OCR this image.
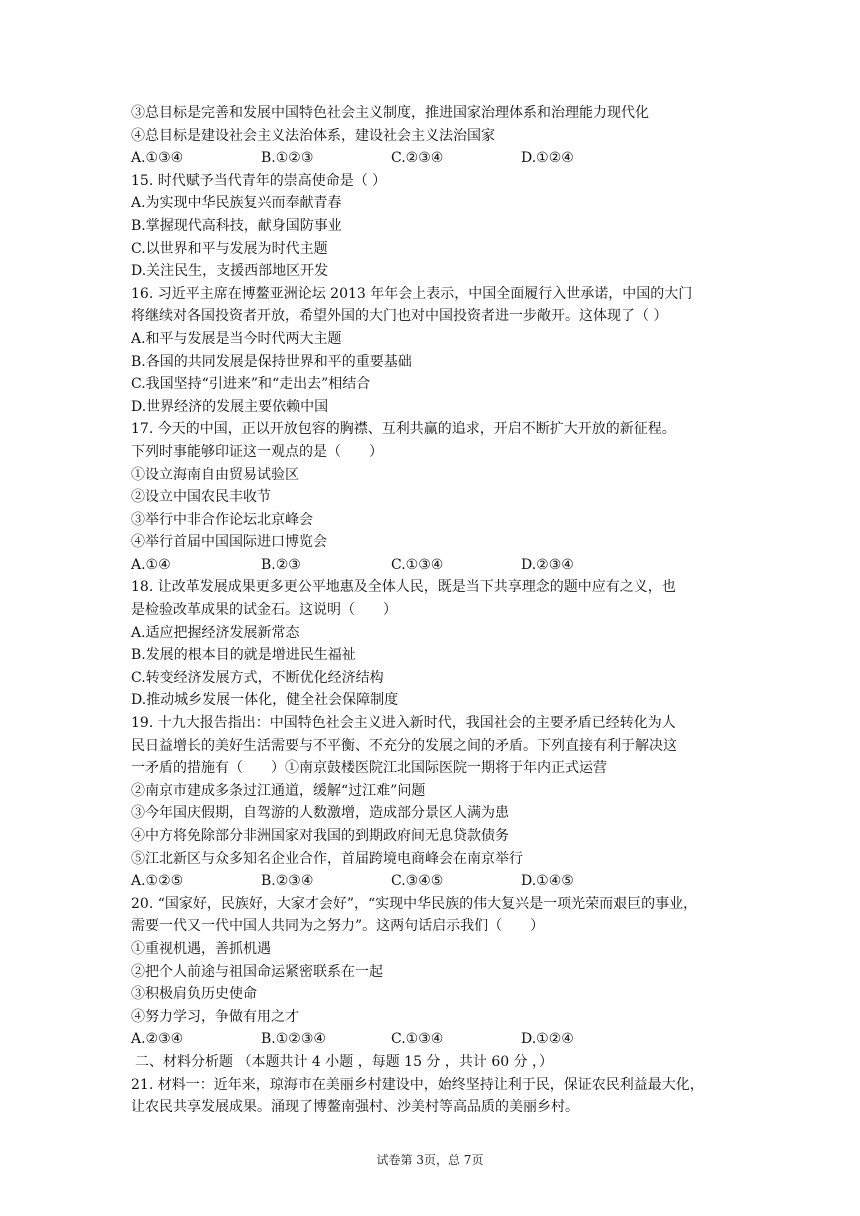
③总目标是完善和发展中国特色社会主义制度，推进国家治理体系和治理能力现代化
④总目标是建设社会主义法治体系，建设社会主义法治国家
A.①③④	B.①②③	C.②③④	D.①②④
15. 时代赋予当代青年的崇高使命是（ ）
A.为实现中华民族复兴而奉献青春
B.掌握现代高科技，献身国防事业
C.以世界和平与发展为时代主题
D.关注民生，支援西部地区开发
16. 习近平主席在博鳌亚洲论坛 2013 年年会上表示，中国全面履行入世承诺，中国的大门
将继续对各国投资者开放，希望外国的大门也对中国投资者进一步敞开。这体现了（ ）
A.和平与发展是当今时代两大主题
B.各国的共同发展是保持世界和平的重要基础
C.我国坚持“引进来”和“走出去”相结合
D.世界经济的发展主要依赖中国
17. 今天的中国，正以开放包容的胸襟、互利共赢的追求，开启不断扩大开放的新征程。
下列时事能够印证这一观点的是（　　）
①设立海南自由贸易试验区
②设立中国农民丰收节
③举行中非合作论坛北京峰会
④举行首届中国国际进口博览会
A.①④	B.②③	C.①③④	D.②③④
18. 让改革发展成果更多更公平地惠及全体人民，既是当下共享理念的题中应有之义，也
是检验改革成果的试金石。这说明（　　）
A.适应把握经济发展新常态
B.发展的根本目的就是增进民生福祉
C.转变经济发展方式，不断优化经济结构
D.推动城乡发展一体化，健全社会保障制度
19. 十九大报告指出：中国特色社会主义进入新时代，我国社会的主要矛盾已经转化为人
民日益增长的美好生活需要与不平衡、不充分的发展之间的矛盾。下列直接有利于解决这
一矛盾的措施有（　　）①南京鼓楼医院江北国际医院一期将于年内正式运营
②南京市建成多条过江通道，缓解“过江难”问题
③今年国庆假期，自驾游的人数激增，造成部分景区人满为患
④中方将免除部分非洲国家对我国的到期政府间无息贷款债务
⑤江北新区与众多知名企业合作，首届跨境电商峰会在南京举行
A.①②⑤	B.②③④	C.③④⑤	D.①④⑤
20. “国家好，民族好，大家才会好”，“实现中华民族的伟大复兴是一项光荣而艰巨的事业，
需要一代又一代中国人共同为之努力”。这两句话启示我们（　　）
①重视机遇，善抓机遇
②把个人前途与祖国命运紧密联系在一起
③积极肩负历史使命
④努力学习，争做有用之才
A.②③④	B.①②③④	C.①③④	D.①②④
二、材料分析题 （本题共计 4 小题 ，每题 15 分 ，共计 60 分 ，）
21. 材料一：近年来，琼海市在美丽乡村建设中，始终坚持让利于民，保证农民利益最大化，
让农民共享发展成果。涌现了博鳌南强村、沙美村等高品质的美丽乡村。
试卷第 3页，总 7页
